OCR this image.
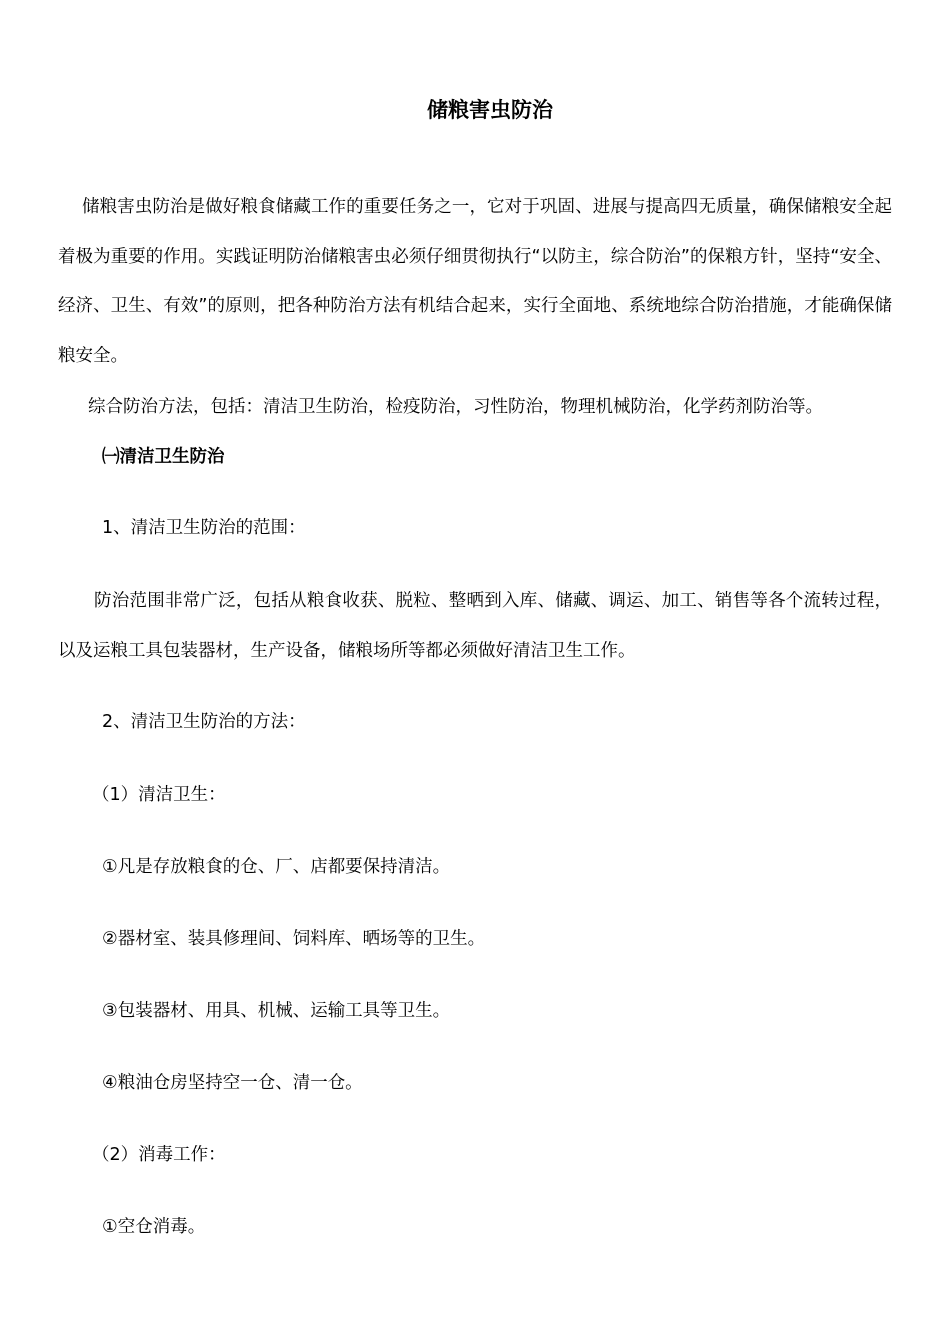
储粮害虫防治

储粮害虫防治是做好粮食储藏工作的重要任务之一，它对于巩固、进展与提高四无质量，确保储粮安全起着极为重要的作用。实践证明防治储粮害虫必须仔细贯彻执行“以防主，综合防治”的保粮方针，坚持“安全、经济、卫生、有效”的原则，把各种防治方法有机结合起来，实行全面地、系统地综合防治措施，才能确保储粮安全。

综合防治方法，包括：清洁卫生防治，检疫防治，习性防治，物理机械防治，化学药剂防治等。

㈠清洁卫生防治

1、清洁卫生防治的范围：

防治范围非常广泛，包括从粮食收获、脱粒、整晒到入库、储藏、调运、加工、销售等各个流转过程，以及运粮工具包装器材，生产设备，储粮场所等都必须做好清洁卫生工作。

2、清洁卫生防治的方法：

（1）清洁卫生：

①凡是存放粮食的仓、厂、店都要保持清洁。

②器材室、装具修理间、饲料库、晒场等的卫生。

③包装器材、用具、机械、运输工具等卫生。

④粮油仓房坚持空一仓、清一仓。

（2）消毒工作：

①空仓消毒。
